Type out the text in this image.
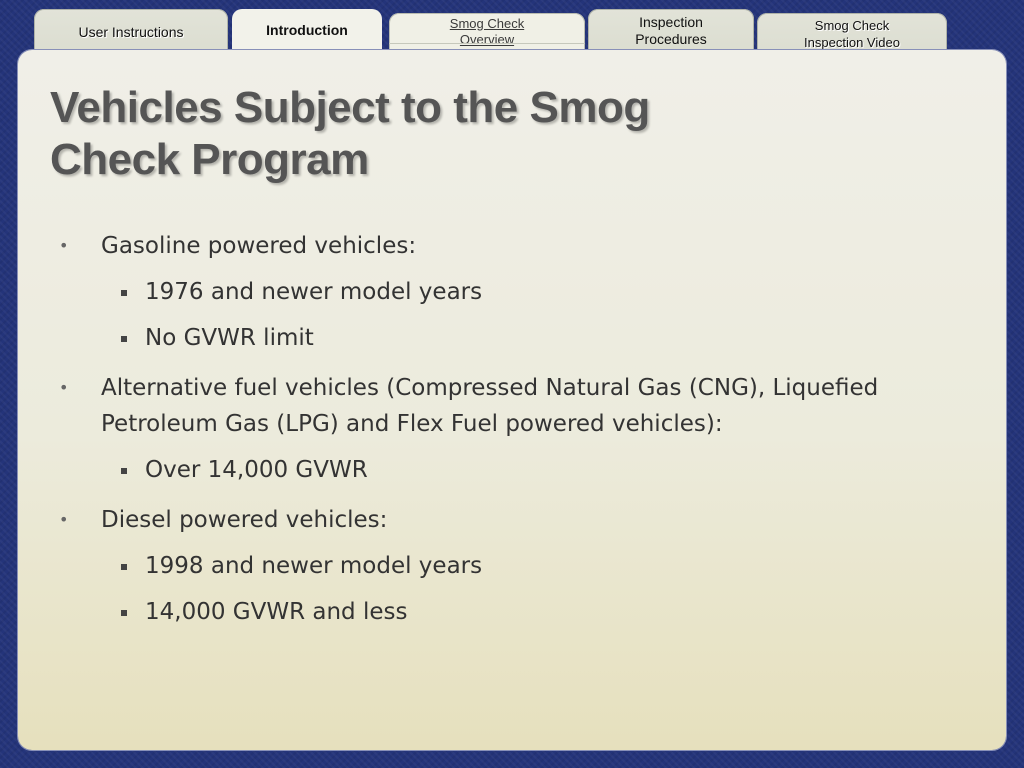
User Instructions	Introduction	Smog Check
Overview
Inspection
Procedures
Smog Check
Inspection Video
Vehicles Subject to the Smog
Check Program
• Gasoline powered vehicles:
1976 and newer model years
No GVWR limit
• Alternative fuel vehicles (Compressed Natural Gas (CNG), Liquefied
Petroleum Gas (LPG) and Flex Fuel powered vehicles):
Over 14,000 GVWR
• Diesel powered vehicles:
1998 and newer model years
14,000 GVWR and less
